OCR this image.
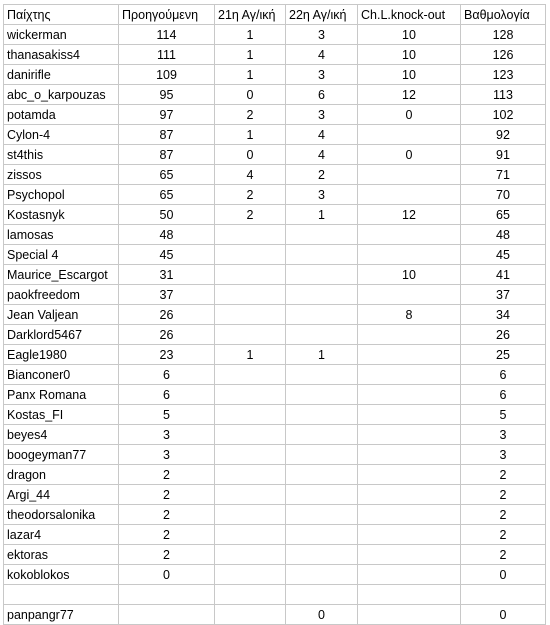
Παίχτης	Προηγούμενη	21η Αγ/ική	22η Αγ/ική	Ch.L.knock-out	Βαθμολογία
wickerman	114	1	3	10	128
thanasakiss4	111	1	4	10	126
danirifle	109	1	3	10	123
abc_o_karpouzas	95	0	6	12	113
potamda	97	2	3	0	102
Cylon-4	87	1	4		92
st4this	87	0	4	0	91
zissos	65	4	2		71
Psychopol	65	2	3		70
Kostasnyk	50	2	1	12	65
lamosas	48				48
Special 4	45				45
Maurice_Escargot	31			10	41
paokfreedom	37				37
Jean Valjean	26			8	34
Darklord5467	26				26
Eagle1980	23	1	1		25
Bianconer0	6				6
Panx Romana	6				6
Kostas_FI	5				5
beyes4	3				3
boogeyman77	3				3
dragon	2				2
Argi_44	2				2
theodorsalonika	2				2
lazar4	2				2
ektoras	2				2
kokoblokos	0				0

panpangr77			0		0
